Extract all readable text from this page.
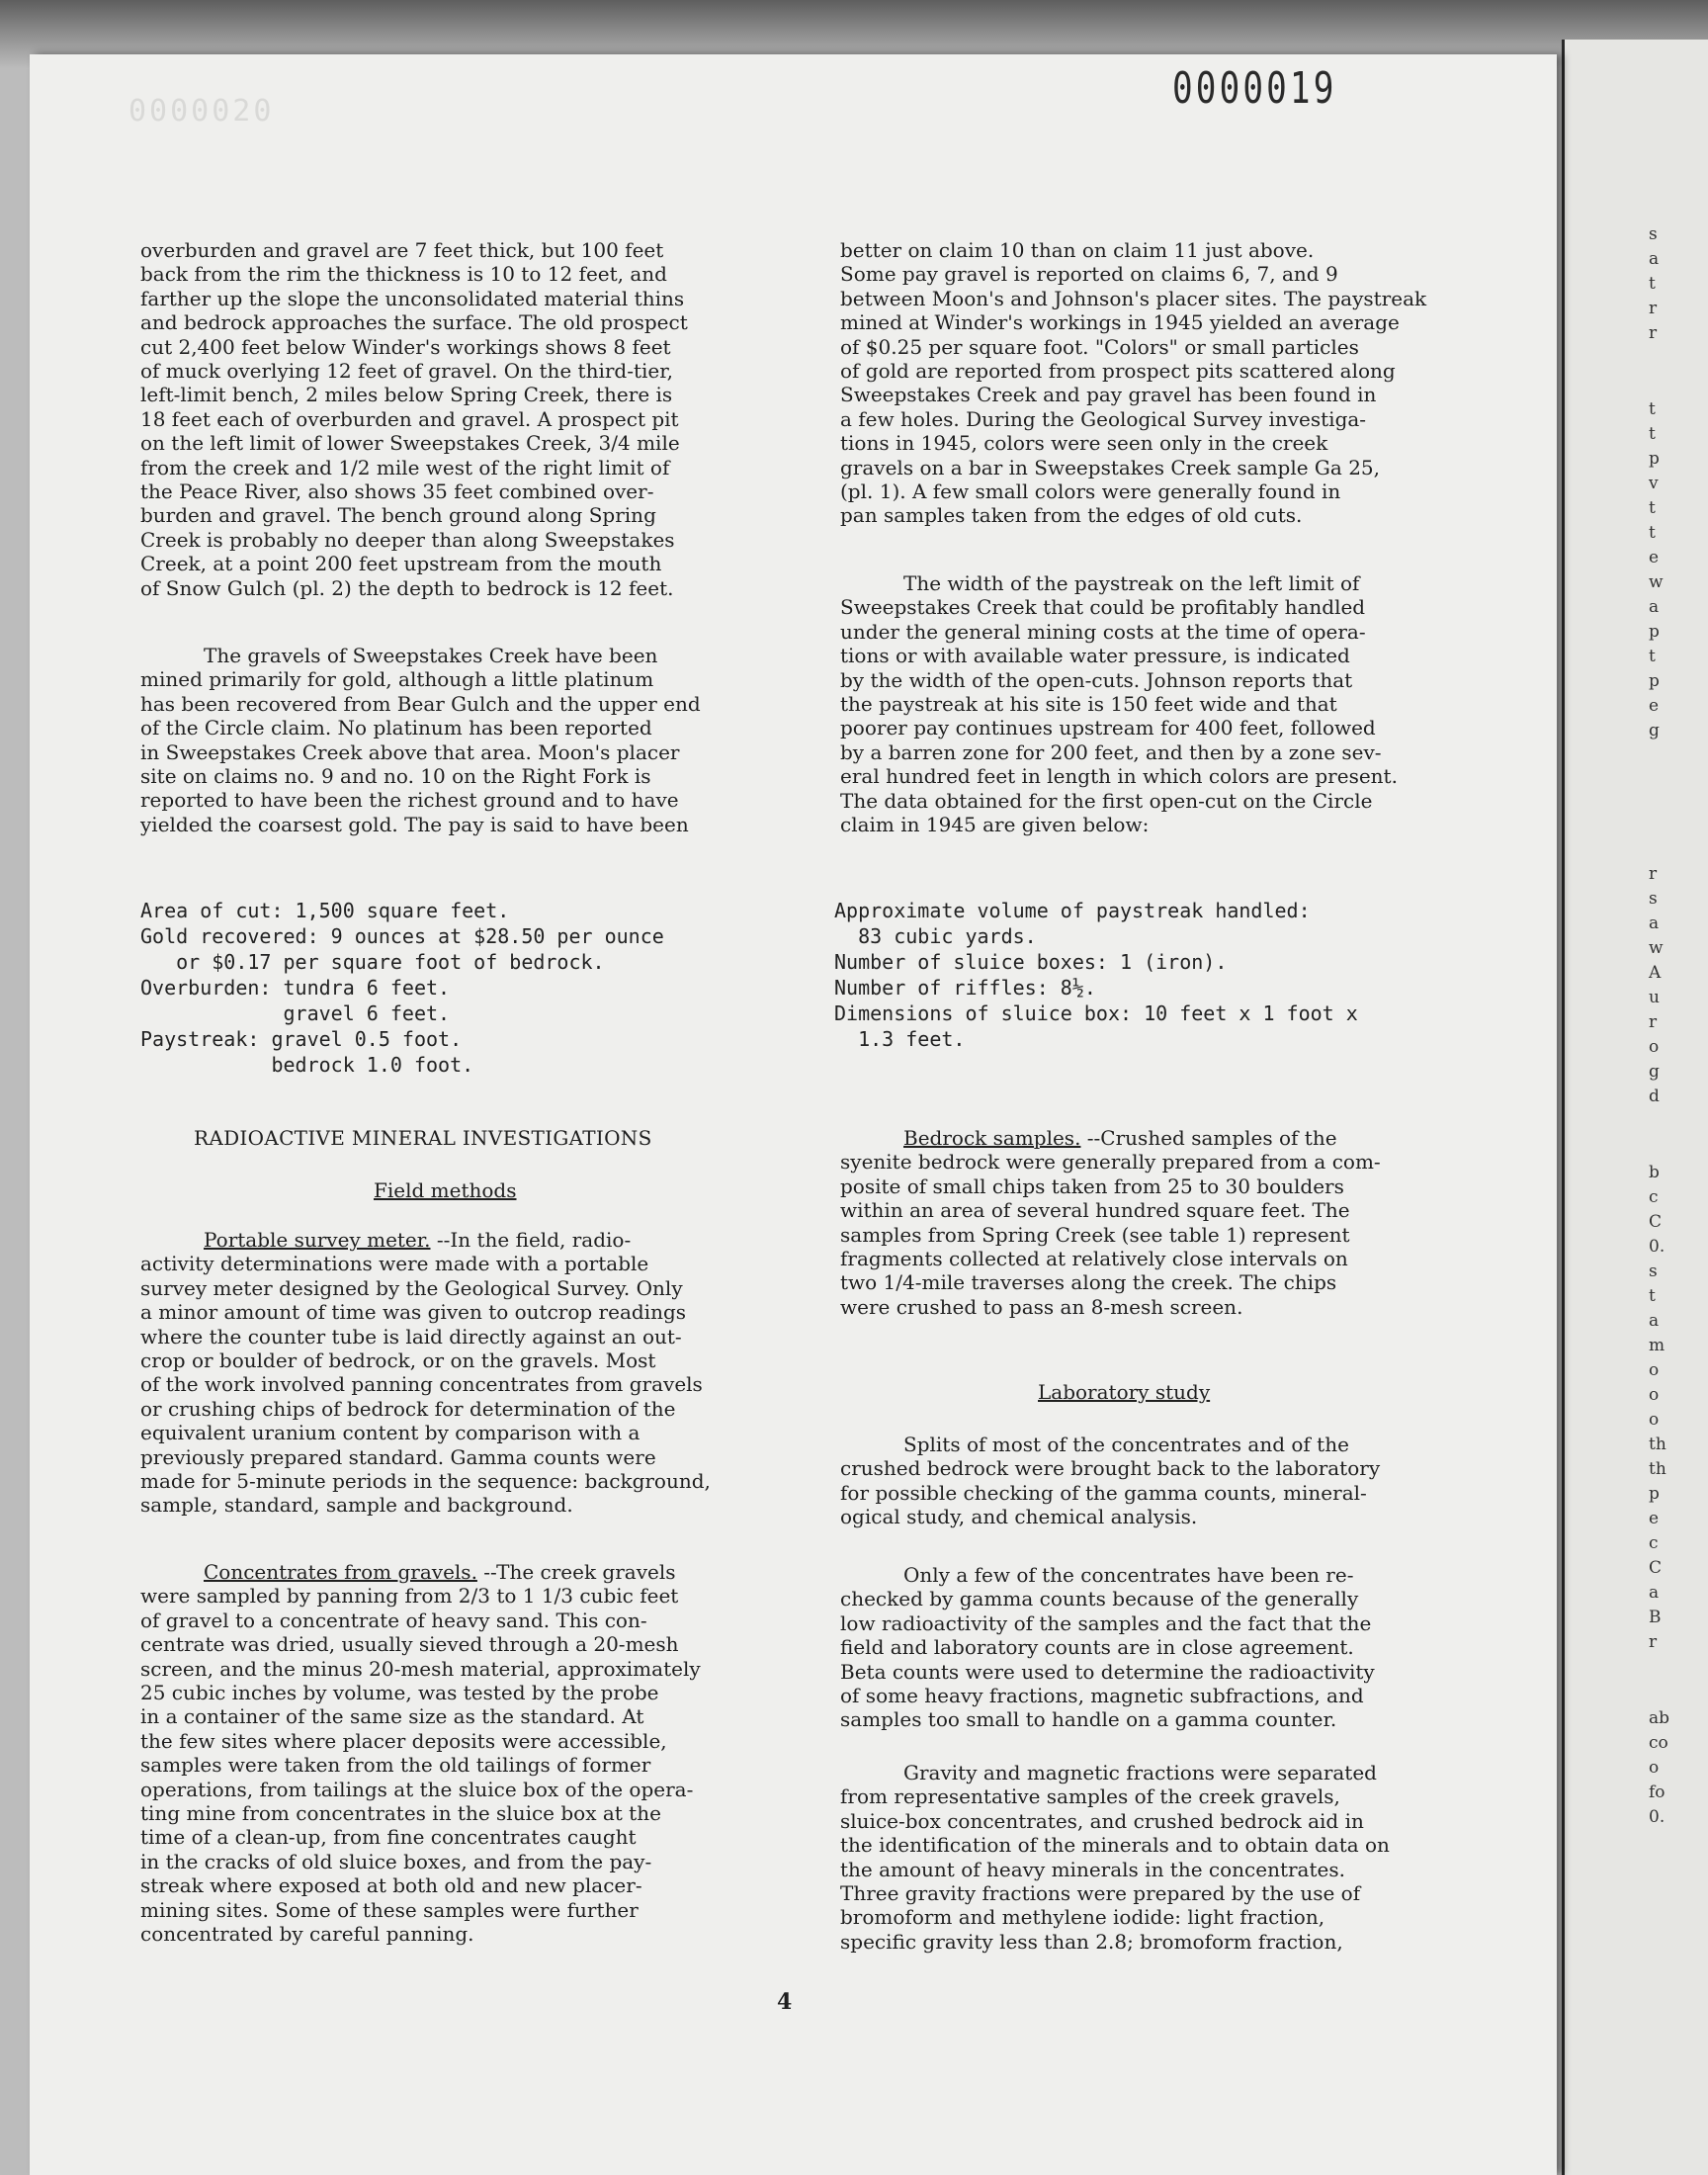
s
a
t
r
r
t
t
p
v
t
t
e
w
a
p
t
p
e
g
r
s
a
w
A
u
r
o
g
d
b
c
C
0.
s
t
a
m
o
o
o
th
th
p
e
c
C
a
B
r
ab
co
o
fo
0.
0000020	0000019

overburden and gravel are 7 feet thick, but 100 feet
back from the rim the thickness is 10 to 12 feet, and
farther up the slope the unconsolidated material thins
and bedrock approaches the surface. The old prospect
cut 2,400 feet below Winder's workings shows 8 feet
of muck overlying 12 feet of gravel. On the third-tier,
left-limit bench, 2 miles below Spring Creek, there is
18 feet each of overburden and gravel. A prospect pit
on the left limit of lower Sweepstakes Creek, 3/4 mile
from the creek and 1/2 mile west of the right limit of
the Peace River, also shows 35 feet combined over-
burden and gravel. The bench ground along Spring
Creek is probably no deeper than along Sweepstakes
Creek, at a point 200 feet upstream from the mouth
of Snow Gulch (pl. 2) the depth to bedrock is 12 feet.

The gravels of Sweepstakes Creek have been
mined primarily for gold, although a little platinum
has been recovered from Bear Gulch and the upper end
of the Circle claim. No platinum has been reported
in Sweepstakes Creek above that area. Moon's placer
site on claims no. 9 and no. 10 on the Right Fork is
reported to have been the richest ground and to have
yielded the coarsest gold. The pay is said to have been

Area of cut: 1,500 square feet.
Gold recovered: 9 ounces at $28.50 per ounce
or $0.17 per square foot of bedrock.
Overburden: tundra 6 feet.
gravel 6 feet.
Paystreak: gravel 0.5 foot.
bedrock 1.0 foot.
RADIOACTIVE MINERAL INVESTIGATIONS
Field methods

Portable survey meter. --In the field, radio-
activity determinations were made with a portable
survey meter designed by the Geological Survey. Only
a minor amount of time was given to outcrop readings
where the counter tube is laid directly against an out-
crop or boulder of bedrock, or on the gravels. Most
of the work involved panning concentrates from gravels
or crushing chips of bedrock for determination of the
equivalent uranium content by comparison with a
previously prepared standard. Gamma counts were
made for 5-minute periods in the sequence: background,
sample, standard, sample and background.

Concentrates from gravels. --The creek gravels
were sampled by panning from 2/3 to 1 1/3 cubic feet
of gravel to a concentrate of heavy sand. This con-
centrate was dried, usually sieved through a 20-mesh
screen, and the minus 20-mesh material, approximately
25 cubic inches by volume, was tested by the probe
in a container of the same size as the standard. At
the few sites where placer deposits were accessible,
samples were taken from the old tailings of former
operations, from tailings at the sluice box of the opera-
ting mine from concentrates in the sluice box at the
time of a clean-up, from fine concentrates caught
in the cracks of old sluice boxes, and from the pay-
streak where exposed at both old and new placer-
mining sites. Some of these samples were further
concentrated by careful panning.

better on claim 10 than on claim 11 just above.
Some pay gravel is reported on claims 6, 7, and 9
between Moon's and Johnson's placer sites. The paystreak
mined at Winder's workings in 1945 yielded an average
of $0.25 per square foot. "Colors" or small particles
of gold are reported from prospect pits scattered along
Sweepstakes Creek and pay gravel has been found in
a few holes. During the Geological Survey investiga-
tions in 1945, colors were seen only in the creek
gravels on a bar in Sweepstakes Creek sample Ga 25,
(pl. 1). A few small colors were generally found in
pan samples taken from the edges of old cuts.

The width of the paystreak on the left limit of
Sweepstakes Creek that could be profitably handled
under the general mining costs at the time of opera-
tions or with available water pressure, is indicated
by the width of the open-cuts. Johnson reports that
the paystreak at his site is 150 feet wide and that
poorer pay continues upstream for 400 feet, followed
by a barren zone for 200 feet, and then by a zone sev-
eral hundred feet in length in which colors are present.
The data obtained for the first open-cut on the Circle
claim in 1945 are given below:

Approximate volume of paystreak handled:
83 cubic yards.
Number of sluice boxes: 1 (iron).
Number of riffles: 8½.
Dimensions of sluice box: 10 feet x 1 foot x
1.3 feet.

Bedrock samples. --Crushed samples of the
syenite bedrock were generally prepared from a com-
posite of small chips taken from 25 to 30 boulders
within an area of several hundred square feet. The
samples from Spring Creek (see table 1) represent
fragments collected at relatively close intervals on
two 1/4-mile traverses along the creek. The chips
were crushed to pass an 8-mesh screen.

Laboratory study

Splits of most of the concentrates and of the
crushed bedrock were brought back to the laboratory
for possible checking of the gamma counts, mineral-
ogical study, and chemical analysis.

Only a few of the concentrates have been re-
checked by gamma counts because of the generally
low radioactivity of the samples and the fact that the
field and laboratory counts are in close agreement.
Beta counts were used to determine the radioactivity
of some heavy fractions, magnetic subfractions, and
samples too small to handle on a gamma counter.

Gravity and magnetic fractions were separated
from representative samples of the creek gravels,
sluice-box concentrates, and crushed bedrock aid in
the identification of the minerals and to obtain data on
the amount of heavy minerals in the concentrates.
Three gravity fractions were prepared by the use of
bromoform and methylene iodide: light fraction,
specific gravity less than 2.8; bromoform fraction,

4
